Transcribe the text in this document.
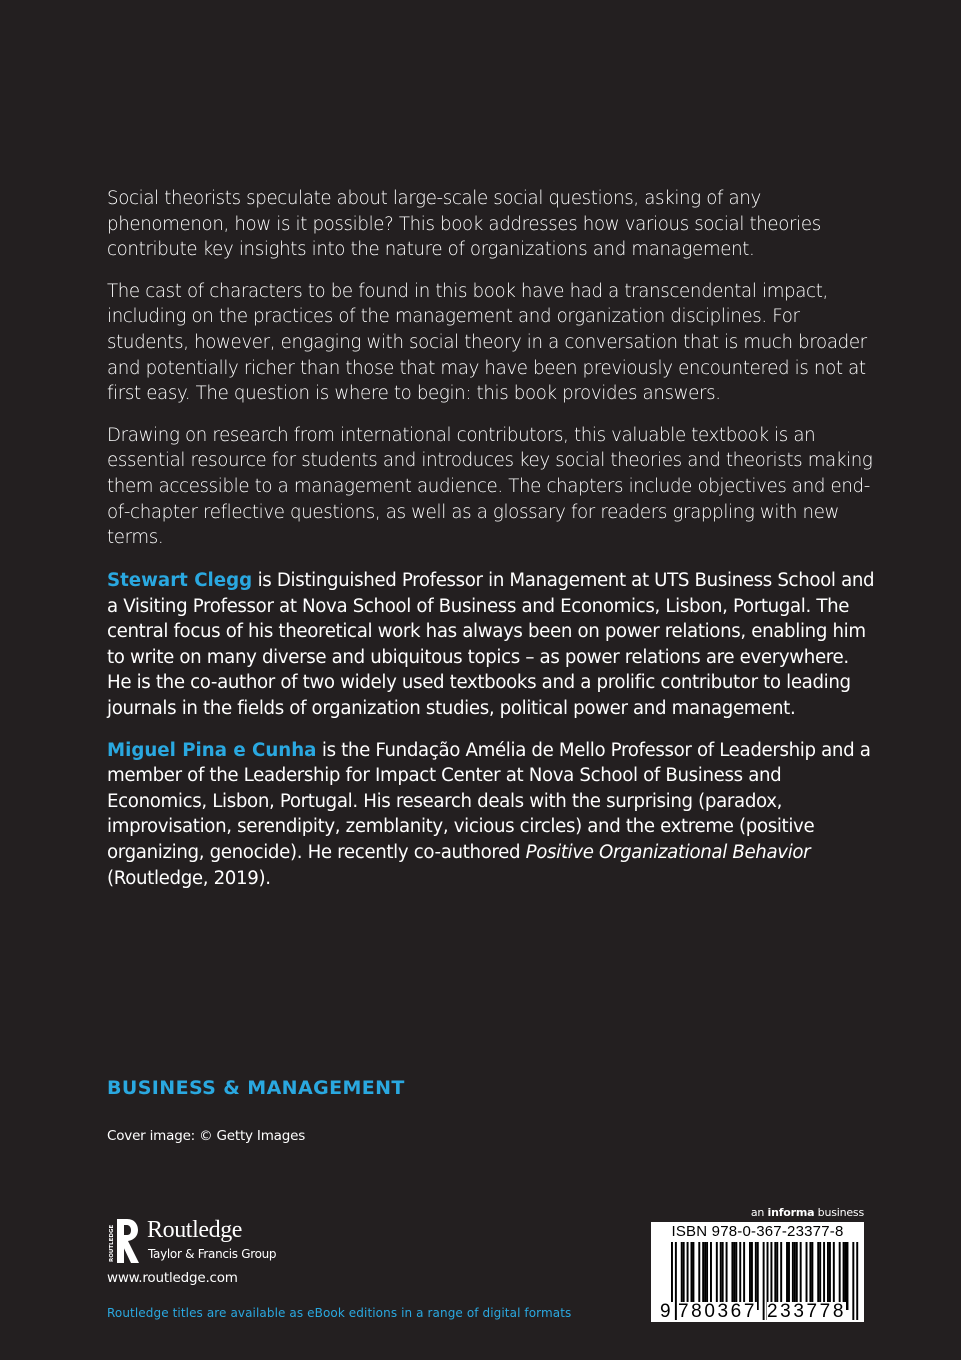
Social theorists speculate about large-scale social questions, asking of any phenomenon, how is it possible? This book addresses how various social theories contribute key insights into the nature of organizations and management.

The cast of characters to be found in this book have had a transcendental impact, including on the practices of the management and organization disciplines. For students, however, engaging with social theory in a conversation that is much broader and potentially richer than those that may have been previously encountered is not at first easy. The question is where to begin: this book provides answers.

Drawing on research from international contributors, this valuable textbook is an essential resource for students and introduces key social theories and theorists making them accessible to a management audience. The chapters include objectives and end-of-chapter reflective questions, as well as a glossary for readers grappling with new terms.

Stewart Clegg is Distinguished Professor in Management at UTS Business School and a Visiting Professor at Nova School of Business and Economics, Lisbon, Portugal. The central focus of his theoretical work has always been on power relations, enabling him to write on many diverse and ubiquitous topics – as power relations are everywhere. He is the co-author of two widely used textbooks and a prolific contributor to leading journals in the fields of organization studies, political power and management.

Miguel Pina e Cunha is the Fundação Amélia de Mello Professor of Leadership and a member of the Leadership for Impact Center at Nova School of Business and Economics, Lisbon, Portugal. His research deals with the surprising (paradox, improvisation, serendipity, zemblanity, vicious circles) and the extreme (positive organizing, genocide). He recently co-authored Positive Organizational Behavior (Routledge, 2019).

BUSINESS & MANAGEMENT
Cover image: © Getty Images
ROUTLEDGE Routledge
Taylor & Francis Group
www.routledge.com
Routledge titles are available as eBook editions in a range of digital formats
an informa business
ISBN 978-0-367-23377-8
9 780367 233778
